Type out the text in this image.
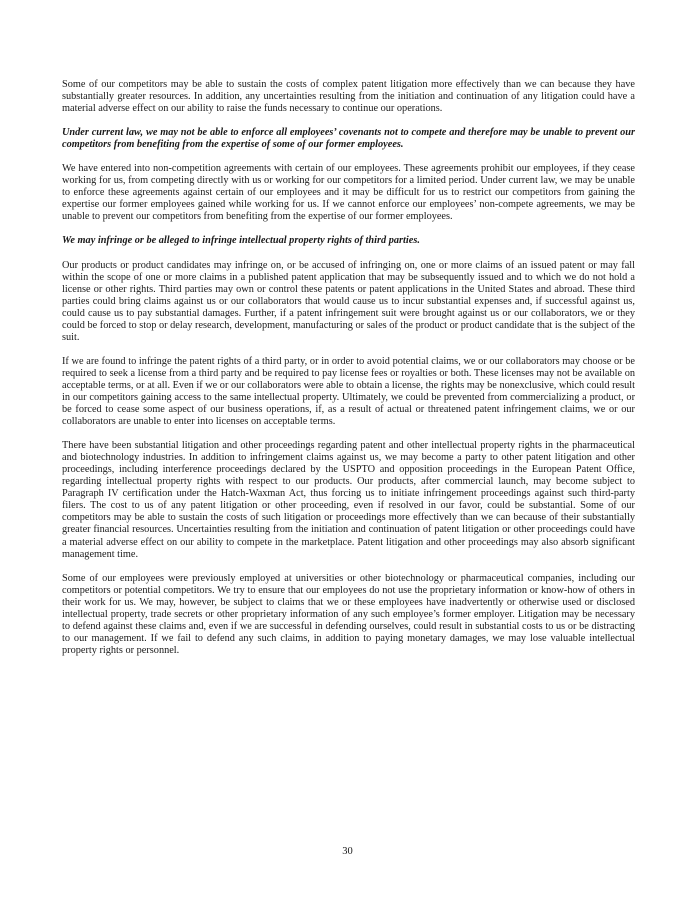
Some of our competitors may be able to sustain the costs of complex patent litigation more effectively than we can because they have substantially greater resources. In addition, any uncertainties resulting from the initiation and continuation of any litigation could have a material adverse effect on our ability to raise the funds necessary to continue our operations.

Under current law, we may not be able to enforce all employees’ covenants not to compete and therefore may be unable to prevent our competitors from benefiting from the expertise of some of our former employees.

We have entered into non-competition agreements with certain of our employees. These agreements prohibit our employees, if they cease working for us, from competing directly with us or working for our competitors for a limited period. Under current law, we may be unable to enforce these agreements against certain of our employees and it may be difficult for us to restrict our competitors from gaining the expertise our former employees gained while working for us. If we cannot enforce our employees’ non-compete agreements, we may be unable to prevent our competitors from benefiting from the expertise of our former employees.

We may infringe or be alleged to infringe intellectual property rights of third parties.

Our products or product candidates may infringe on, or be accused of infringing on, one or more claims of an issued patent or may fall within the scope of one or more claims in a published patent application that may be subsequently issued and to which we do not hold a license or other rights. Third parties may own or control these patents or patent applications in the United States and abroad. These third parties could bring claims against us or our collaborators that would cause us to incur substantial expenses and, if successful against us, could cause us to pay substantial damages. Further, if a patent infringement suit were brought against us or our collaborators, we or they could be forced to stop or delay research, development, manufacturing or sales of the product or product candidate that is the subject of the suit.

If we are found to infringe the patent rights of a third party, or in order to avoid potential claims, we or our collaborators may choose or be required to seek a license from a third party and be required to pay license fees or royalties or both. These licenses may not be available on acceptable terms, or at all. Even if we or our collaborators were able to obtain a license, the rights may be nonexclusive, which could result in our competitors gaining access to the same intellectual property. Ultimately, we could be prevented from commercializing a product, or be forced to cease some aspect of our business operations, if, as a result of actual or threatened patent infringement claims, we or our collaborators are unable to enter into licenses on acceptable terms.

There have been substantial litigation and other proceedings regarding patent and other intellectual property rights in the pharmaceutical and biotechnology industries. In addition to infringement claims against us, we may become a party to other patent litigation and other proceedings, including interference proceedings declared by the USPTO and opposition proceedings in the European Patent Office, regarding intellectual property rights with respect to our products. Our products, after commercial launch, may become subject to Paragraph IV certification under the Hatch-Waxman Act, thus forcing us to initiate infringement proceedings against such third-party filers. The cost to us of any patent litigation or other proceeding, even if resolved in our favor, could be substantial. Some of our competitors may be able to sustain the costs of such litigation or proceedings more effectively than we can because of their substantially greater financial resources. Uncertainties resulting from the initiation and continuation of patent litigation or other proceedings could have a material adverse effect on our ability to compete in the marketplace. Patent litigation and other proceedings may also absorb significant management time.

Some of our employees were previously employed at universities or other biotechnology or pharmaceutical companies, including our competitors or potential competitors. We try to ensure that our employees do not use the proprietary information or know-how of others in their work for us. We may, however, be subject to claims that we or these employees have inadvertently or otherwise used or disclosed intellectual property, trade secrets or other proprietary information of any such employee’s former employer. Litigation may be necessary to defend against these claims and, even if we are successful in defending ourselves, could result in substantial costs to us or be distracting to our management. If we fail to defend any such claims, in addition to paying monetary damages, we may lose valuable intellectual property rights or personnel.

30
